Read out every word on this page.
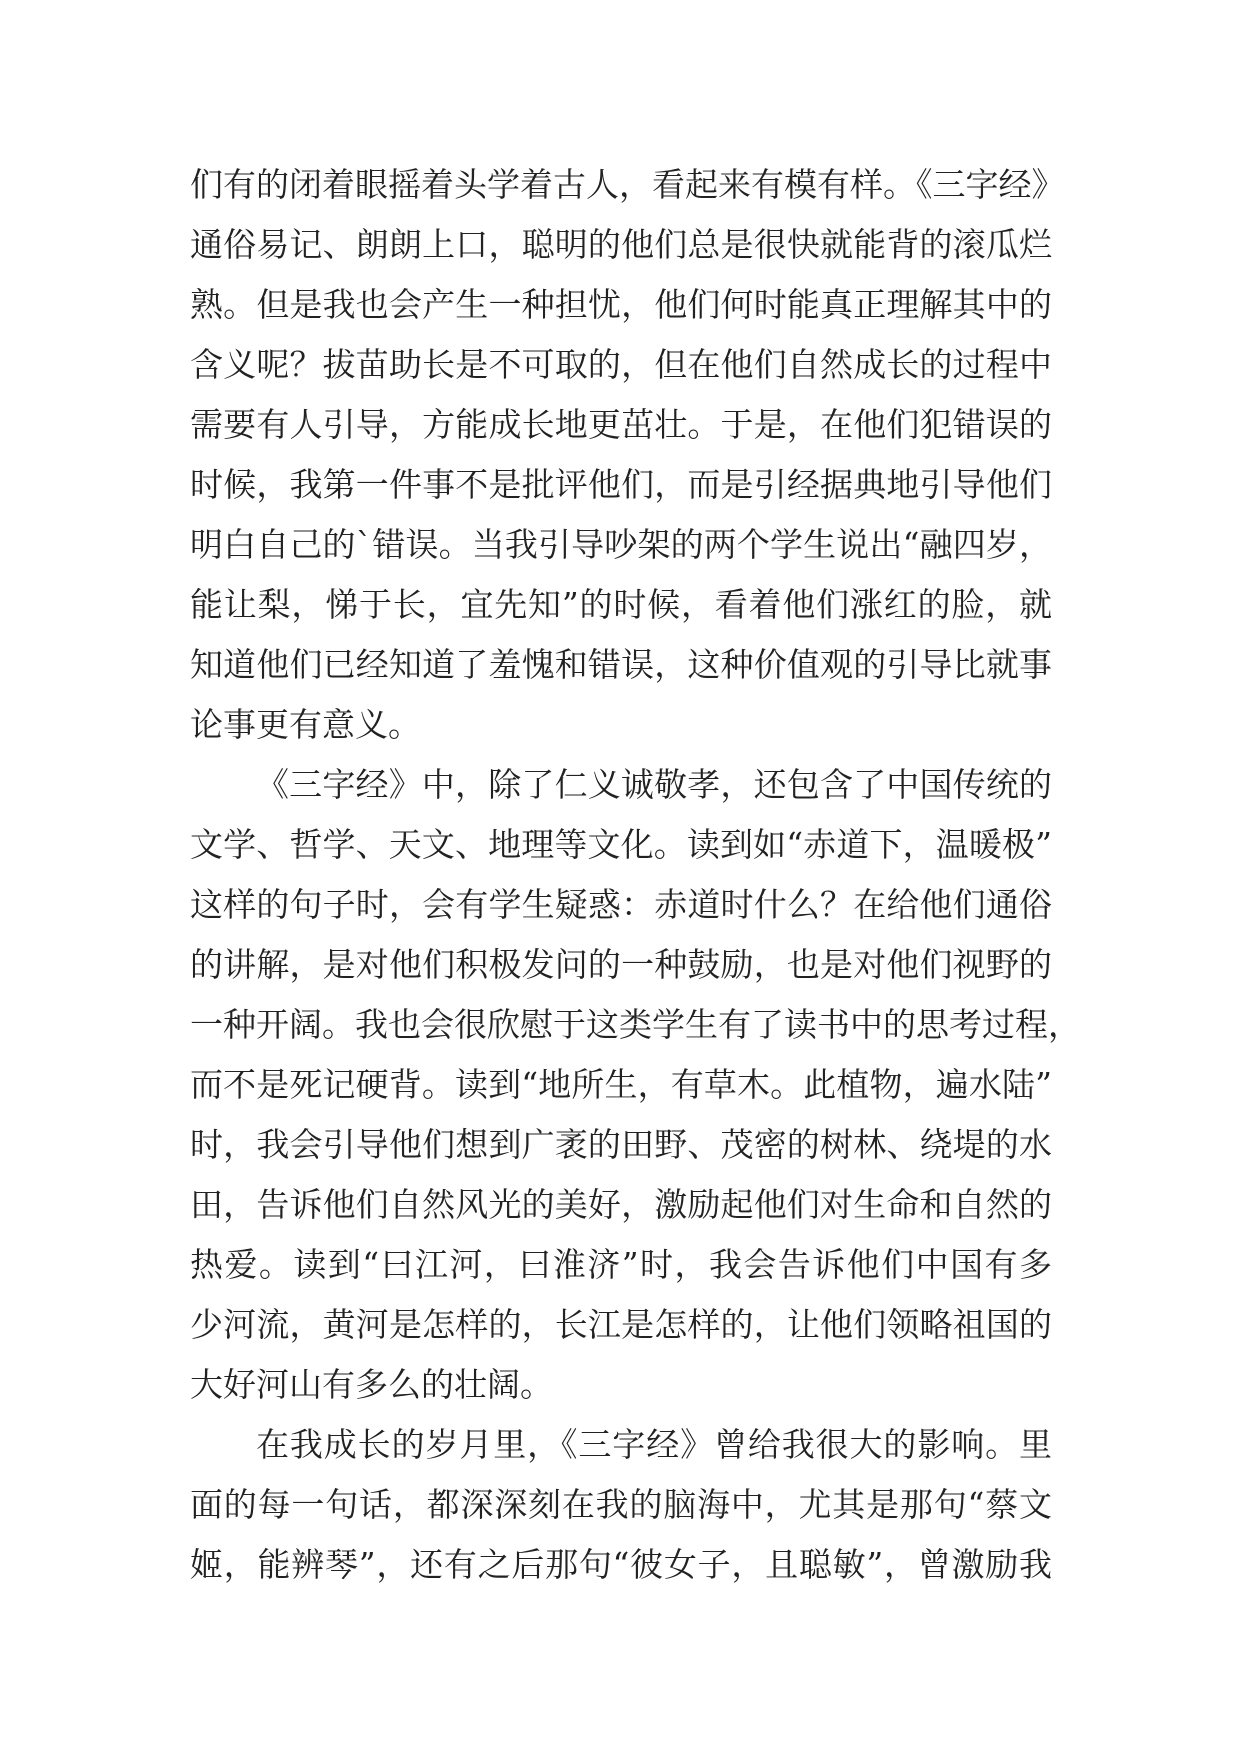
们有的闭着眼摇着头学着古人，看起来有模有样。《三字经》
通俗易记、朗朗上口，聪明的他们总是很快就能背的滚瓜烂
熟。但是我也会产生一种担忧，他们何时能真正理解其中的
含义呢？拔苗助长是不可取的，但在他们自然成长的过程中
需要有人引导，方能成长地更茁壮。于是，在他们犯错误的
时候，我第一件事不是批评他们，而是引经据典地引导他们
明白自己的`错误。当我引导吵架的两个学生说出“融四岁，
能让梨，悌于长，宜先知”的时候，看着他们涨红的脸，就
知道他们已经知道了羞愧和错误，这种价值观的引导比就事
论事更有意义。
《三字经》中，除了仁义诚敬孝，还包含了中国传统的
文学、哲学、天文、地理等文化。读到如“赤道下，温暖极”
这样的句子时，会有学生疑惑：赤道时什么？在给他们通俗
的讲解，是对他们积极发问的一种鼓励，也是对他们视野的
一种开阔。我也会很欣慰于这类学生有了读书中的思考过程，
而不是死记硬背。读到“地所生，有草木。此植物，遍水陆”
时，我会引导他们想到广袤的田野、茂密的树林、绕堤的水
田，告诉他们自然风光的美好，激励起他们对生命和自然的
热爱。读到“曰江河，曰淮济”时，我会告诉他们中国有多
少河流，黄河是怎样的，长江是怎样的，让他们领略祖国的
大好河山有多么的壮阔。
在我成长的岁月里，《三字经》曾给我很大的影响。里
面的每一句话，都深深刻在我的脑海中，尤其是那句“蔡文
姬，能辨琴”，还有之后那句“彼女子，且聪敏”，曾激励我
